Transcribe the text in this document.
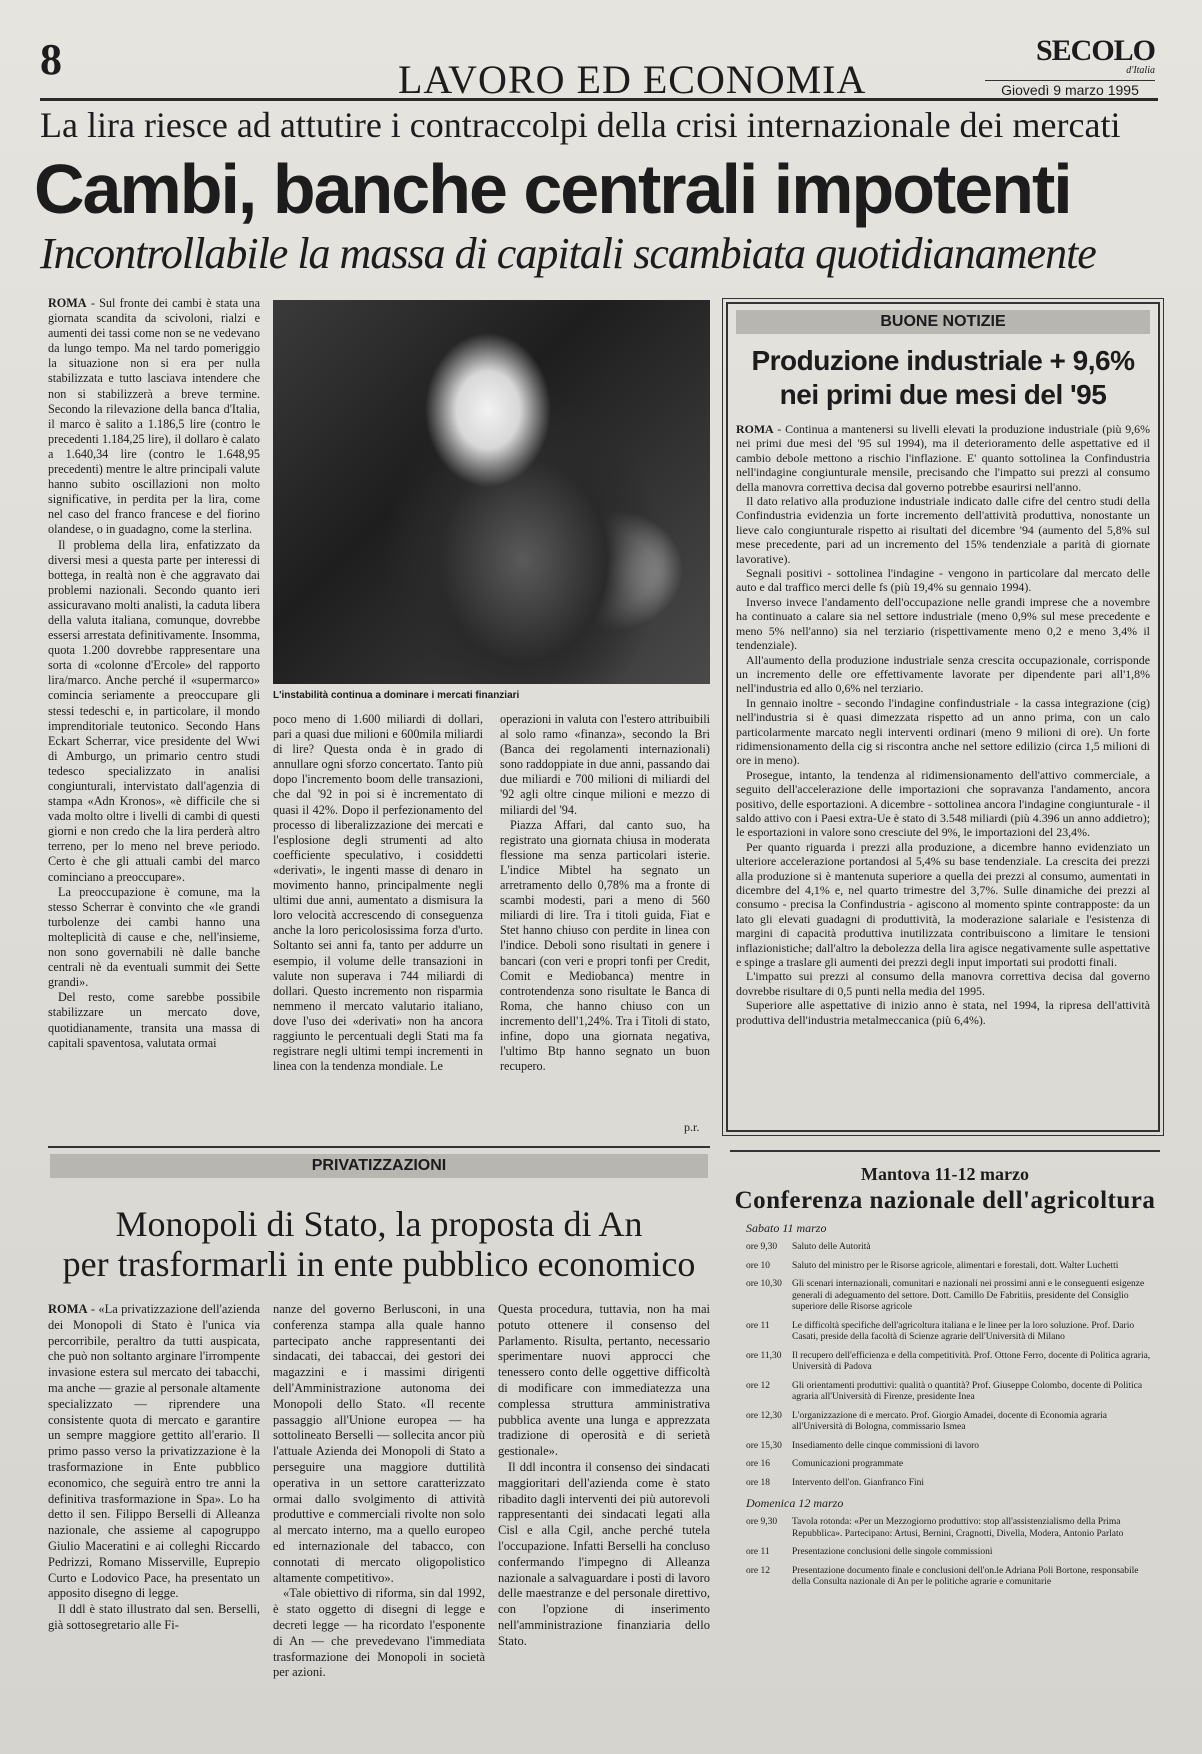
8	LAVORO ED ECONOMIA
SECOLO
d'Italia
Giovedì 9 marzo 1995
La lira riesce ad attutire i contraccolpi della crisi internazionale dei mercati
Cambi, banche centrali impotenti
Incontrollabile la massa di capitali scambiata quotidianamente

ROMA - Sul fronte dei cambi è stata una giornata scandita da scivoloni, rialzi e aumenti dei tassi come non se ne vedevano da lungo tempo. Ma nel tardo pomeriggio la situazione non si era per nulla stabilizzata e tutto lasciava intendere che non si stabilizzerà a breve termine. Secondo la rilevazione della banca d'Italia, il marco è salito a 1.186,5 lire (contro le precedenti 1.184,25 lire), il dollaro è calato a 1.640,34 lire (contro le 1.648,95 precedenti) mentre le altre principali valute hanno subito oscillazioni non molto significative, in perdita per la lira, come nel caso del franco francese e del fiorino olandese, o in guadagno, come la sterlina.

Il problema della lira, enfatizzato da diversi mesi a questa parte per interessi di bottega, in realtà non è che aggravato dai problemi nazionali. Secondo quanto ieri assicuravano molti analisti, la caduta libera della valuta italiana, comunque, dovrebbe essersi arrestata definitivamente. Insomma, quota 1.200 dovrebbe rappresentare una sorta di «colonne d'Ercole» del rapporto lira/marco. Anche perché il «supermarco» comincia seriamente a preoccupare gli stessi tedeschi e, in particolare, il mondo imprenditoriale teutonico. Secondo Hans Eckart Scherrar, vice presidente del Wwi di Amburgo, un primario centro studi tedesco specializzato in analisi congiunturali, intervistato dall'agenzia di stampa «Adn Kronos», «è difficile che si vada molto oltre i livelli di cambi di questi giorni e non credo che la lira perderà altro terreno, per lo meno nel breve periodo. Certo è che gli attuali cambi del marco cominciano a preoccupare».

La preoccupazione è comune, ma la stesso Scherrar è convinto che «le grandi turbolenze dei cambi hanno una molteplicità di cause e che, nell'insieme, non sono governabili nè dalle banche centrali nè da eventuali summit dei Sette grandi».

Del resto, come sarebbe possibile stabilizzare un mercato dove, quotidianamente, transita una massa di capitali spaventosa, valutata ormai

L'instabilità continua a dominare i mercati finanziari

poco meno di 1.600 miliardi di dollari, pari a quasi due milioni e 600mila miliardi di lire? Questa onda è in grado di annullare ogni sforzo concertato. Tanto più dopo l'incremento boom delle transazioni, che dal '92 in poi si è incrementato di quasi il 42%. Dopo il perfezionamento del processo di liberalizzazione dei mercati e l'esplosione degli strumenti ad alto coefficiente speculativo, i cosiddetti «derivati», le ingenti masse di denaro in movimento hanno, principalmente negli ultimi due anni, aumentato a dismisura la loro velocità accrescendo di conseguenza anche la loro pericolosissima forza d'urto. Soltanto sei anni fa, tanto per addurre un esempio, il volume delle transazioni in valute non superava i 744 miliardi di dollari. Questo incremento non risparmia nemmeno il mercato valutario italiano, dove l'uso dei «derivati» non ha ancora raggiunto le percentuali degli Stati ma fa registrare negli ultimi tempi incrementi in linea con la tendenza mondiale. Le

operazioni in valuta con l'estero attribuibili al solo ramo «finanza», secondo la Bri (Banca dei regolamenti internazionali) sono raddoppiate in due anni, passando dai due miliardi e 700 milioni di miliardi del '92 agli oltre cinque milioni e mezzo di miliardi del '94.

Piazza Affari, dal canto suo, ha registrato una giornata chiusa in moderata flessione ma senza particolari isterie. L'indice Mibtel ha segnato un arretramento dello 0,78% ma a fronte di scambi modesti, pari a meno di 560 miliardi di lire. Tra i titoli guida, Fiat e Stet hanno chiuso con perdite in linea con l'indice. Deboli sono risultati in genere i bancari (con veri e propri tonfi per Credit, Comit e Mediobanca) mentre in controtendenza sono risultate le Banca di Roma, che hanno chiuso con un incremento dell'1,24%. Tra i Titoli di stato, infine, dopo una giornata negativa, l'ultimo Btp hanno segnato un buon recupero.

p.r.
BUONE NOTIZIE
Produzione industriale + 9,6%
nei primi due mesi del '95

ROMA - Continua a mantenersi su livelli elevati la produzione industriale (più 9,6% nei primi due mesi del '95 sul 1994), ma il deterioramento delle aspettative ed il cambio debole mettono a rischio l'inflazione. E' quanto sottolinea la Confindustria nell'indagine congiunturale mensile, precisando che l'impatto sui prezzi al consumo della manovra correttiva decisa dal governo potrebbe esaurirsi nell'anno.

Il dato relativo alla produzione industriale indicato dalle cifre del centro studi della Confindustria evidenzia un forte incremento dell'attività produttiva, nonostante un lieve calo congiunturale rispetto ai risultati del dicembre '94 (aumento del 5,8% sul mese precedente, pari ad un incremento del 15% tendenziale a parità di giornate lavorative).

Segnali positivi - sottolinea l'indagine - vengono in particolare dal mercato delle auto e dal traffico merci delle fs (più 19,4% su gennaio 1994).

Inverso invece l'andamento dell'occupazione nelle grandi imprese che a novembre ha continuato a calare sia nel settore industriale (meno 0,9% sul mese precedente e meno 5% nell'anno) sia nel terziario (rispettivamente meno 0,2 e meno 3,4% il tendenziale).

All'aumento della produzione industriale senza crescita occupazionale, corrisponde un incremento delle ore effettivamente lavorate per dipendente pari all'1,8% nell'industria ed allo 0,6% nel terziario.

In gennaio inoltre - secondo l'indagine confindustriale - la cassa integrazione (cig) nell'industria si è quasi dimezzata rispetto ad un anno prima, con un calo particolarmente marcato negli interventi ordinari (meno 9 milioni di ore). Un forte ridimensionamento della cig si riscontra anche nel settore edilizio (circa 1,5 milioni di ore in meno).

Prosegue, intanto, la tendenza al ridimensionamento dell'attivo commerciale, a seguito dell'accelerazione delle importazioni che sopravanza l'andamento, ancora positivo, delle esportazioni. A dicembre - sottolinea ancora l'indagine congiunturale - il saldo attivo con i Paesi extra-Ue è stato di 3.548 miliardi (più 4.396 un anno addietro); le esportazioni in valore sono cresciute del 9%, le importazioni del 23,4%.

Per quanto riguarda i prezzi alla produzione, a dicembre hanno evidenziato un ulteriore accelerazione portandosi al 5,4% su base tendenziale. La crescita dei prezzi alla produzione si è mantenuta superiore a quella dei prezzi al consumo, aumentati in dicembre del 4,1% e, nel quarto trimestre del 3,7%. Sulle dinamiche dei prezzi al consumo - precisa la Confindustria - agiscono al momento spinte contrapposte: da un lato gli elevati guadagni di produttività, la moderazione salariale e l'esistenza di margini di capacità produttiva inutilizzata contribuiscono a limitare le tensioni inflazionistiche; dall'altro la debolezza della lira agisce negativamente sulle aspettative e spinge a traslare gli aumenti dei prezzi degli input importati sui prodotti finali.

L'impatto sui prezzi al consumo della manovra correttiva decisa dal governo dovrebbe risultare di 0,5 punti nella media del 1995.

Superiore alle aspettative di inizio anno è stata, nel 1994, la ripresa dell'attività produttiva dell'industria metalmeccanica (più 6,4%).

PRIVATIZZAZIONI
Monopoli di Stato, la proposta di An
per trasformarli in ente pubblico economico

ROMA - «La privatizzazione dell'azienda dei Monopoli di Stato è l'unica via percorribile, peraltro da tutti auspicata, che può non soltanto arginare l'irrompente invasione estera sul mercato dei tabacchi, ma anche — grazie al personale altamente specializzato — riprendere una consistente quota di mercato e garantire un sempre maggiore gettito all'erario. Il primo passo verso la privatizzazione è la trasformazione in Ente pubblico economico, che seguirà entro tre anni la definitiva trasformazione in Spa». Lo ha detto il sen. Filippo Berselli di Alleanza nazionale, che assieme al capogruppo Giulio Maceratini e ai colleghi Riccardo Pedrizzi, Romano Misserville, Euprepio Curto e Lodovico Pace, ha presentato un apposito disegno di legge.

Il ddl è stato illustrato dal sen. Berselli, già sottosegretario alle Fi-

nanze del governo Berlusconi, in una conferenza stampa alla quale hanno partecipato anche rappresentanti dei sindacati, dei tabaccai, dei gestori dei magazzini e i massimi dirigenti dell'Amministrazione autonoma dei Monopoli dello Stato. «Il recente passaggio all'Unione europea — ha sottolineato Berselli — sollecita ancor più l'attuale Azienda dei Monopoli di Stato a perseguire una maggiore duttilità operativa in un settore caratterizzato ormai dallo svolgimento di attività produttive e commerciali rivolte non solo al mercato interno, ma a quello europeo ed internazionale del tabacco, con connotati di mercato oligopolistico altamente competitivo».

«Tale obiettivo di riforma, sin dal 1992, è stato oggetto di disegni di legge e decreti legge — ha ricordato l'esponente di An — che prevedevano l'immediata trasformazione dei Monopoli in società per azioni.

Questa procedura, tuttavia, non ha mai potuto ottenere il consenso del Parlamento. Risulta, pertanto, necessario sperimentare nuovi approcci che tenessero conto delle oggettive difficoltà di modificare con immediatezza una complessa struttura amministrativa pubblica avente una lunga e apprezzata tradizione di operosità e di serietà gestionale».

Il ddl incontra il consenso dei sindacati maggioritari dell'azienda come è stato ribadito dagli interventi dei più autorevoli rappresentanti dei sindacati legati alla Cisl e alla Cgil, anche perché tutela l'occupazione. Infatti Berselli ha concluso confermando l'impegno di Alleanza nazionale a salvaguardare i posti di lavoro delle maestranze e del personale direttivo, con l'opzione di inserimento nell'amministrazione finanziaria dello Stato.

Mantova 11-12 marzo
Conferenza nazionale dell'agricoltura
Sabato 11 marzo
ore 9,30	Saluto delle Autorità
ore 10	Saluto del ministro per le Risorse agricole, alimentari e forestali, dott. Walter Luchetti
ore 10,30	Gli scenari internazionali, comunitari e nazionali nei prossimi anni e le conseguenti esigenze generali di adeguamento del settore. Dott. Camillo De Fabritiis, presidente del Consiglio superiore delle Risorse agricole
ore 11	Le difficoltà specifiche dell'agricoltura italiana e le linee per la loro soluzione. Prof. Dario Casati, preside della facoltà di Scienze agrarie dell'Università di Milano
ore 11,30	Il recupero dell'efficienza e della competitività. Prof. Ottone Ferro, docente di Politica agraria, Università di Padova
ore 12	Gli orientamenti produttivi: qualità o quantità? Prof. Giuseppe Colombo, docente di Politica agraria all'Università di Firenze, presidente Inea
ore 12,30	L'organizzazione di e mercato. Prof. Giorgio Amadei, docente di Economia agraria all'Università di Bologna, commissario Ismea
ore 15,30	Insediamento delle cinque commissioni di lavoro
ore 16	Comunicazioni programmate
ore 18	Intervento dell'on. Gianfranco Fini
Domenica 12 marzo
ore 9,30	Tavola rotonda: «Per un Mezzogiorno produttivo: stop all'assistenzialismo della Prima Repubblica». Partecipano: Artusi, Bernini, Cragnotti, Divella, Modera, Antonio Parlato
ore 11	Presentazione conclusioni delle singole commissioni
ore 12	Presentazione documento finale e conclusioni dell'on.le Adriana Poli Bortone, responsabile della Consulta nazionale di An per le politiche agrarie e comunitarie
